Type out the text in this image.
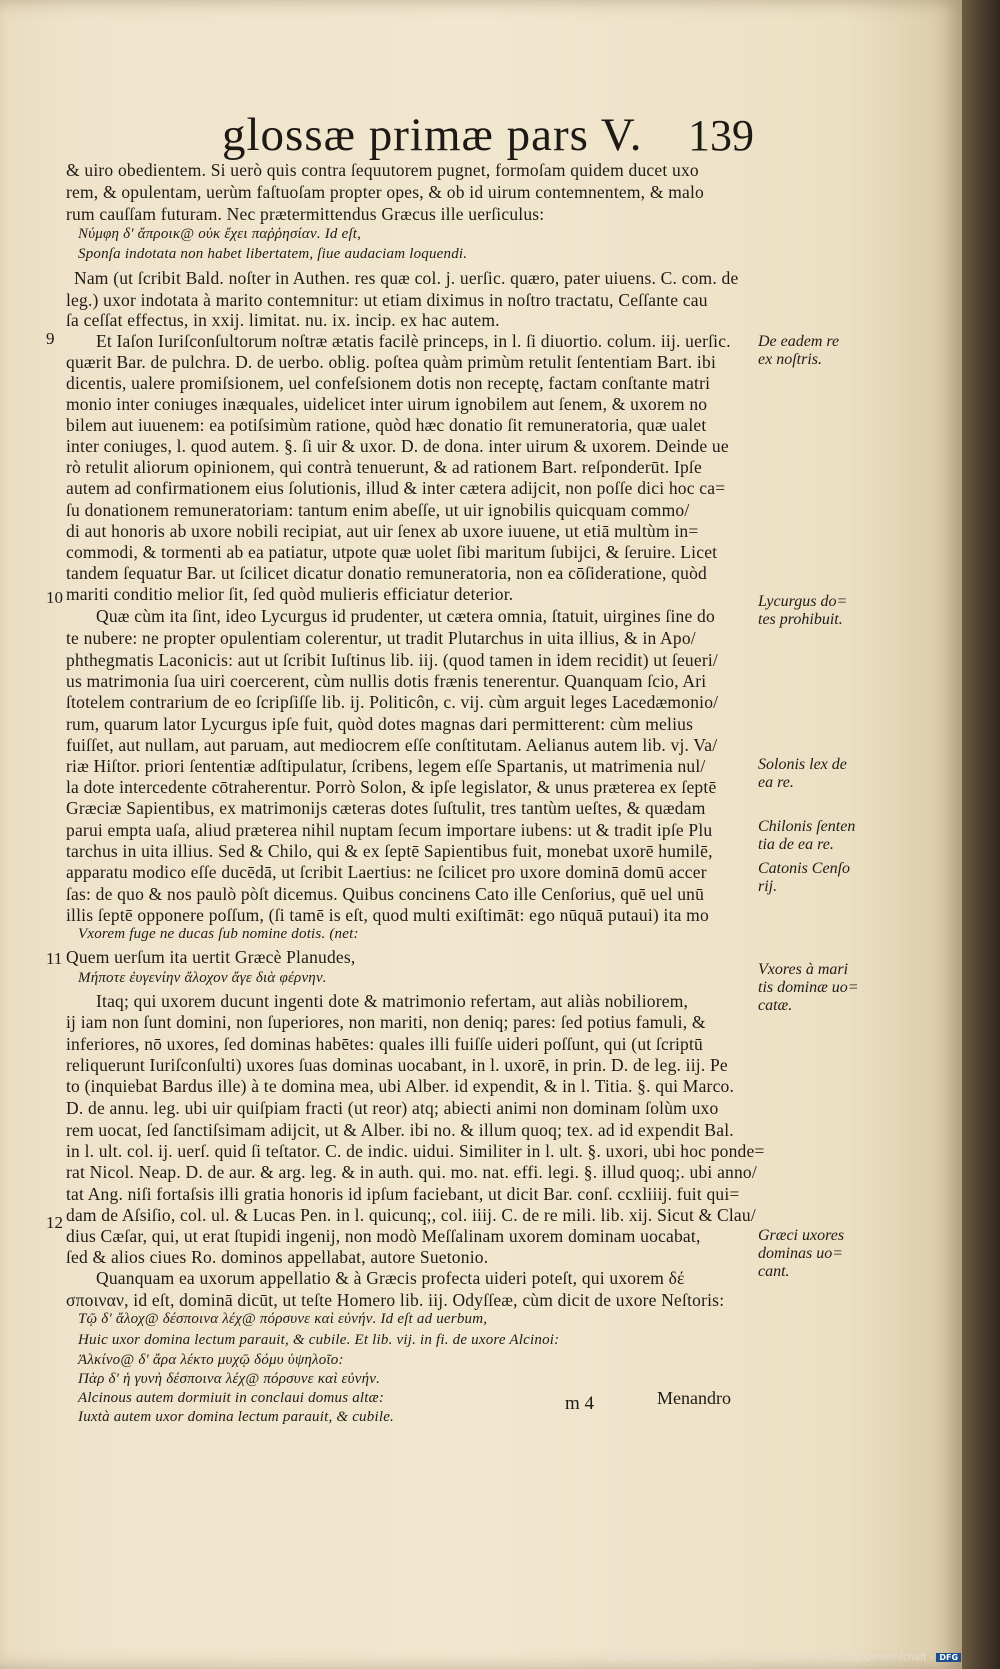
glossæ primæ pars V. 139
& uiro obedientem. Si uerò quis contra ſequutorem pugnet, formoſam quidem ducet uxo
rem, & opulentam, uerùm faſtuoſam propter opes, & ob id uirum contemnentem, & malo
rum cauſſam futuram. Nec prætermittendus Græcus ille uerſiculus:
Νύμφη δ' ἄπροικ@ οὐκ ἔχει παῤῥησίαν. Id eſt,
Sponſa indotata non habet libertatem, ſiue audaciam loquendi.
Nam (ut ſcribit Bald. noſter in Authen. res quæ col. j. uerſic. quæro, pater uiuens. C. com. de
leg.) uxor indotata à marito contemnitur: ut etiam diximus in noſtro tractatu, Ceſſante cau
ſa ceſſat effectus, in xxij. limitat. nu. ix. incip. ex hac autem.
Et Iaſon Iuriſconſultorum noſtræ ætatis facilè princeps, in l. ſi diuortio. colum. iij. uerſic.
quærit Bar. de pulchra. D. de uerbo. oblig. poſtea quàm primùm retulit ſententiam Bart. ibi
dicentis, ualere promiſsionem, uel confeſsionem dotis non receptę, factam conſtante matri
monio inter coniuges inæquales, uidelicet inter uirum ignobilem aut ſenem, & uxorem no
bilem aut iuuenem: ea potiſsimùm ratione, quòd hæc donatio ſit remuneratoria, quæ ualet
inter coniuges, l. quod autem. §. ſi uir & uxor. D. de dona. inter uirum & uxorem. Deinde ue
rò retulit aliorum opinionem, qui contrà tenuerunt, & ad rationem Bart. reſponderūt. Ipſe
autem ad confirmationem eius ſolutionis, illud & inter cætera adijcit, non poſſe dici hoc ca=
ſu donationem remuneratoriam: tantum enim abeſſe, ut uir ignobilis quicquam commo/
di aut honoris ab uxore nobili recipiat, aut uir ſenex ab uxore iuuene, ut etiā multùm in=
commodi, & tormenti ab ea patiatur, utpote quæ uolet ſibi maritum ſubijci, & ſeruire. Licet
tandem ſequatur Bar. ut ſcilicet dicatur donatio remuneratoria, non ea cōſideratione, quòd
mariti conditio melior ſit, ſed quòd mulieris efficiatur deterior.
Quæ cùm ita ſint, ideo Lycurgus id prudenter, ut cætera omnia, ſtatuit, uirgines ſine do
te nubere: ne propter opulentiam colerentur, ut tradit Plutarchus in uita illius, & in Apo/
phthegmatis Laconicis: aut ut ſcribit Iuſtinus lib. iij. (quod tamen in idem recidit) ut ſeueri/
us matrimonia ſua uiri coercerent, cùm nullis dotis frænis tenerentur. Quanquam ſcio, Ari
ſtotelem contrarium de eo ſcripſiſſe lib. ij. Politicôn, c. vij. cùm arguit leges Lacedæmonio/
rum, quarum lator Lycurgus ipſe fuit, quòd dotes magnas dari permitterent: cùm melius
fuiſſet, aut nullam, aut paruam, aut mediocrem eſſe conſtitutam. Aelianus autem lib. vj. Va/
riæ Hiſtor. priori ſententiæ adſtipulatur, ſcribens, legem eſſe Spartanis, ut matrimenia nul/
la dote intercedente cōtraherentur. Porrò Solon, & ipſe legislator, & unus præterea ex ſeptē
Græciæ Sapientibus, ex matrimonijs cæteras dotes ſuſtulit, tres tantùm ueſtes, & quædam
parui empta uaſa, aliud præterea nihil nuptam ſecum importare iubens: ut & tradit ipſe Plu
tarchus in uita illius. Sed & Chilo, qui & ex ſeptē Sapientibus fuit, monebat uxorē humilē,
apparatu modico eſſe ducēdā, ut ſcribit Laertius: ne ſcilicet pro uxore dominā domū accer
ſas: de quo & nos paulò pòſt dicemus. Quibus concinens Cato ille Cenſorius, quē uel unū
illis ſeptē opponere poſſum, (ſi tamē is eſt, quod multi exiſtimāt: ego nūquā putaui) ita mo
Vxorem fuge ne ducas ſub nomine dotis. (net:
Quem uerſum ita uertit Græcè Planudes,
Μήποτε ἐυγενίην ἄλοχον ἄγε διὰ φέρνην.
Itaq; qui uxorem ducunt ingenti dote & matrimonio refertam, aut aliàs nobiliorem,
ij iam non ſunt domini, non ſuperiores, non mariti, non deniq; pares: ſed potius famuli, &
inferiores, nō uxores, ſed dominas habētes: quales illi fuiſſe uideri poſſunt, qui (ut ſcriptū
reliquerunt Iuriſconſulti) uxores ſuas dominas uocabant, in l. uxorē, in prin. D. de leg. iij. Pe
to (inquiebat Bardus ille) à te domina mea, ubi Alber. id expendit, & in l. Titia. §. qui Marco.
D. de annu. leg. ubi uir quiſpiam fracti (ut reor) atq; abiecti animi non dominam ſolùm uxo
rem uocat, ſed ſanctiſsimam adijcit, ut & Alber. ibi no. & illum quoq; tex. ad id expendit Bal.
in l. ult. col. ij. uerſ. quid ſi teſtator. C. de indic. uidui. Similiter in l. ult. §. uxori, ubi hoc ponde=
rat Nicol. Neap. D. de aur. & arg. leg. & in auth. qui. mo. nat. effi. legi. §. illud quoq;. ubi anno/
tat Ang. niſi fortaſsis illi gratia honoris id ipſum faciebant, ut dicit Bar. conſ. ccxliiij. fuit qui=
dam de Aſsiſio, col. ul. & Lucas Pen. in l. quicunq;, col. iiij. C. de re mili. lib. xij. Sicut & Clau/
dius Cæſar, qui, ut erat ſtupidi ingenij, non modò Meſſalinam uxorem dominam uocabat,
ſed & alios ciues Ro. dominos appellabat, autore Suetonio.
Quanquam ea uxorum appellatio & à Græcis profecta uideri poteſt, qui uxorem δέ
σποιναν, id eſt, dominā dicūt, ut teſte Homero lib. iij. Odyſſeæ, cùm dicit de uxore Neſtoris:
Τῷ δ' ἄλοχ@ δέσποινα λέχ@ πόρσυνε καὶ εὐνήν. Id eſt ad uerbum,
Huic uxor domina lectum parauit, & cubile. Et lib. vij. in fi. de uxore Alcinoi:
Ἀλκίνο@ δ' ἄρα λέκτο μυχῷ δόμυ ὑψηλοῖο:
Πὰρ δ' ἡ γυνὴ δέσποινα λέχ@ πόρσυνε καὶ εὐνήν.
Alcinous autem dormiuit in conclaui domus altæ:
Iuxtà autem uxor domina lectum parauit, & cubile.
9
10
11
12
De eadem re
ex noſtris.
Lycurgus do=
tes prohibuit.
Solonis lex de
ea re.
Chilonis ſenten
tia de ea re.
Catonis Cenſo
rij.
Vxores à mari
tis dominæ uo=
catæ.
Græci uxores
dominas uo=
cant.
m 4	Menandro
Digitaliſierung gefördert durch die Deutſche Forſchungsgemeinſchaft - DFG
